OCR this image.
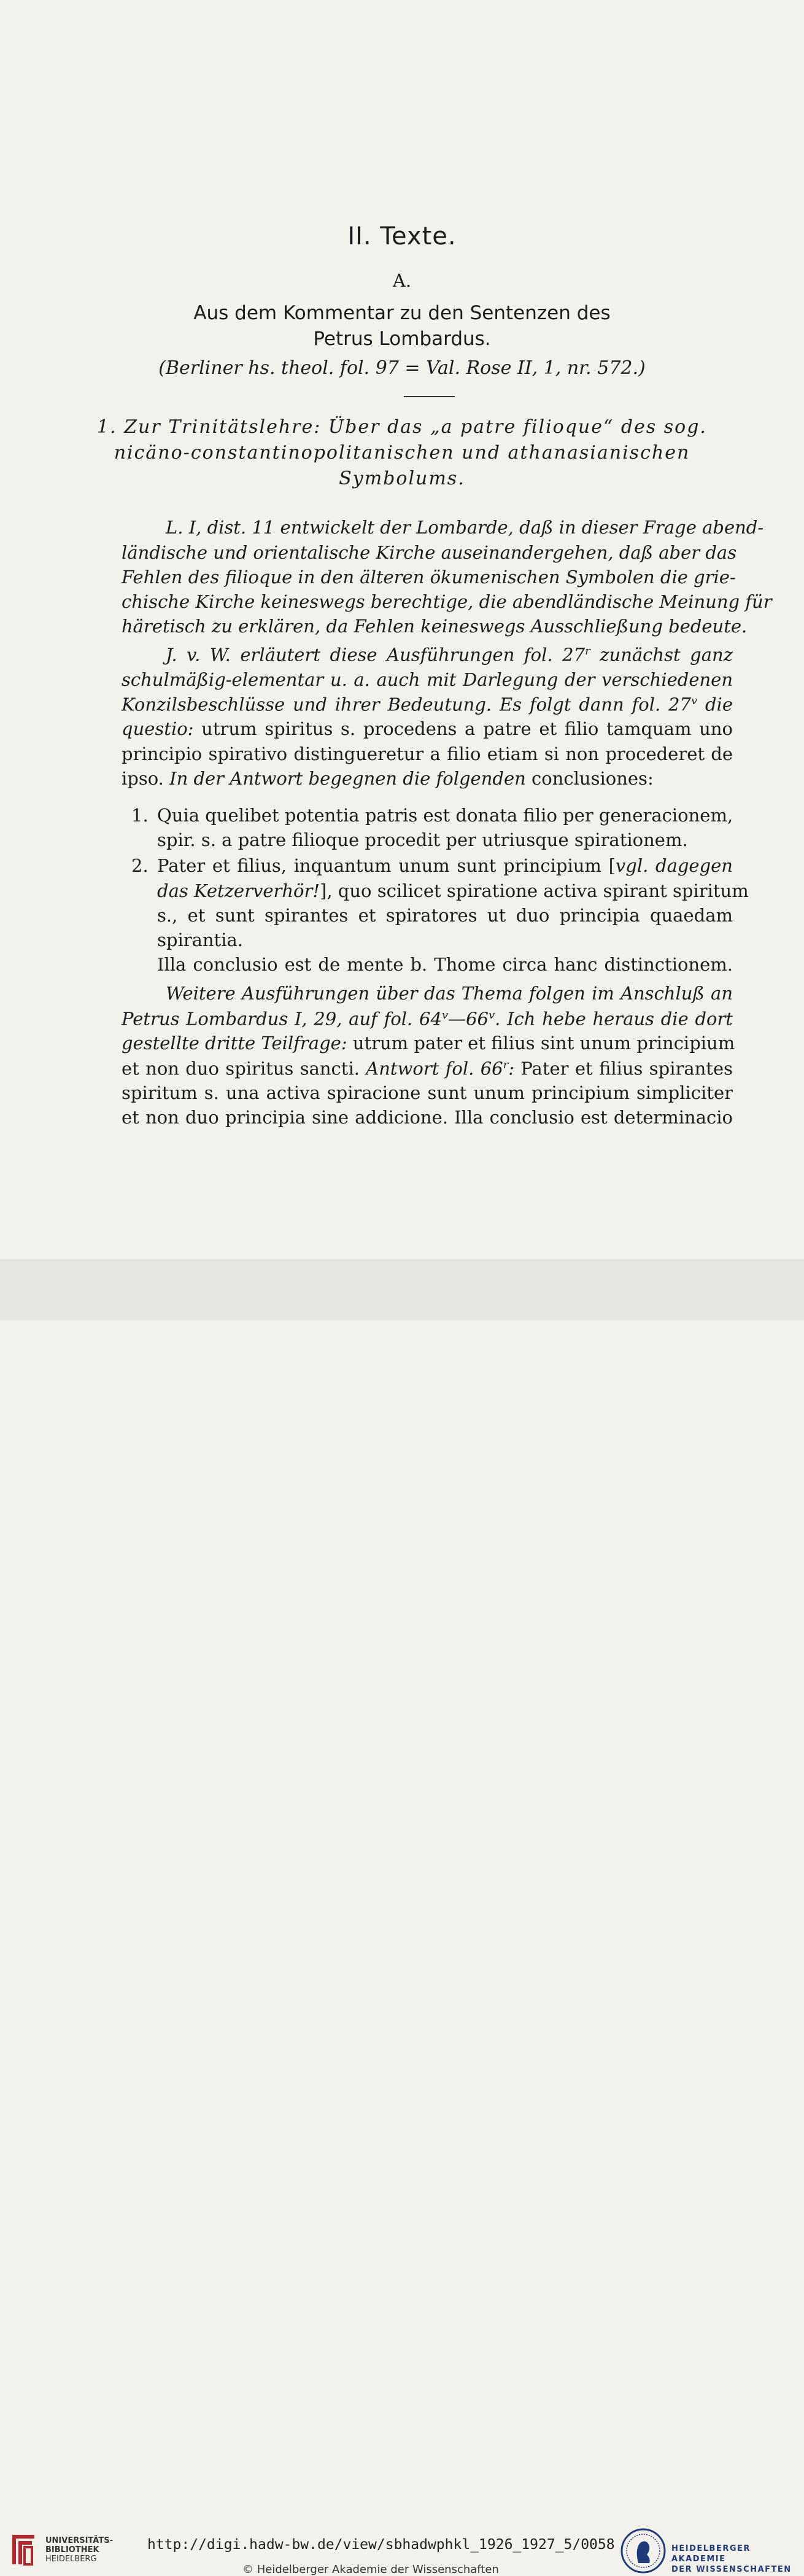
II. Texte.
A.
Aus dem Kommentar zu den Sentenzen des
Petrus Lombardus.
(Berliner hs. theol. fol. 97 = Val. Rose II, 1, nr. 572.)
1. Zur Trinitätslehre: Über das „a patre filioque“ des sog.
nicäno-constantinopolitanischen und athanasianischen
Symbolums.
L. I, dist. 11 entwickelt der Lombarde, daß in dieser Frage abend-
ländische und orientalische Kirche auseinandergehen, daß aber das
Fehlen des filioque in den älteren ökumenischen Symbolen die grie-
chische Kirche keineswegs berechtige, die abendländische Meinung für
häretisch zu erklären, da Fehlen keineswegs Ausschließung bedeute.
J. v. W. erläutert diese Ausführungen fol. 27$^r$ zunächst ganz
schulmäßig-elementar u. a. auch mit Darlegung der verschiedenen
Konzilsbeschlüsse und ihrer Bedeutung. Es folgt dann fol. 27$^v$ die
questio: utrum spiritus s. procedens a patre et filio tamquam uno
principio spirativo distingueretur a filio etiam si non procederet de
ipso. In der Antwort begegnen die folgenden conclusiones:
1. Quia quelibet potentia patris est donata filio per generacionem,
spir. s. a patre filioque procedit per utriusque spirationem.
2. Pater et filius, inquantum unum sunt principium [vgl. dagegen
das Ketzerverhör!], quo scilicet spiratione activa spirant spiritum
s., et sunt spirantes et spiratores ut duo principia quaedam
spirantia.
Illa conclusio est de mente b. Thome circa hanc distinctionem.
Weitere Ausführungen über das Thema folgen im Anschluß an
Petrus Lombardus I, 29, auf fol. 64$^v$—66$^v$. Ich hebe heraus die dort
gestellte dritte Teilfrage: utrum pater et filius sint unum principium
et non duo spiritus sancti. Antwort fol. 66$^r$: Pater et filius spirantes
spiritum s. una activa spiracione sunt unum principium simpliciter
et non duo principia sine addicione. Illa conclusio est determinacio
UNIVERSITÄTS-
BIBLIOTHEK
HEIDELBERG
http://digi.hadw-bw.de/view/sbhadwphkl_1926_1927_5/0058
© Heidelberger Akademie der Wissenschaften
HEIDELBERGER AKADEMIE
DER WISSENSCHAFTEN
